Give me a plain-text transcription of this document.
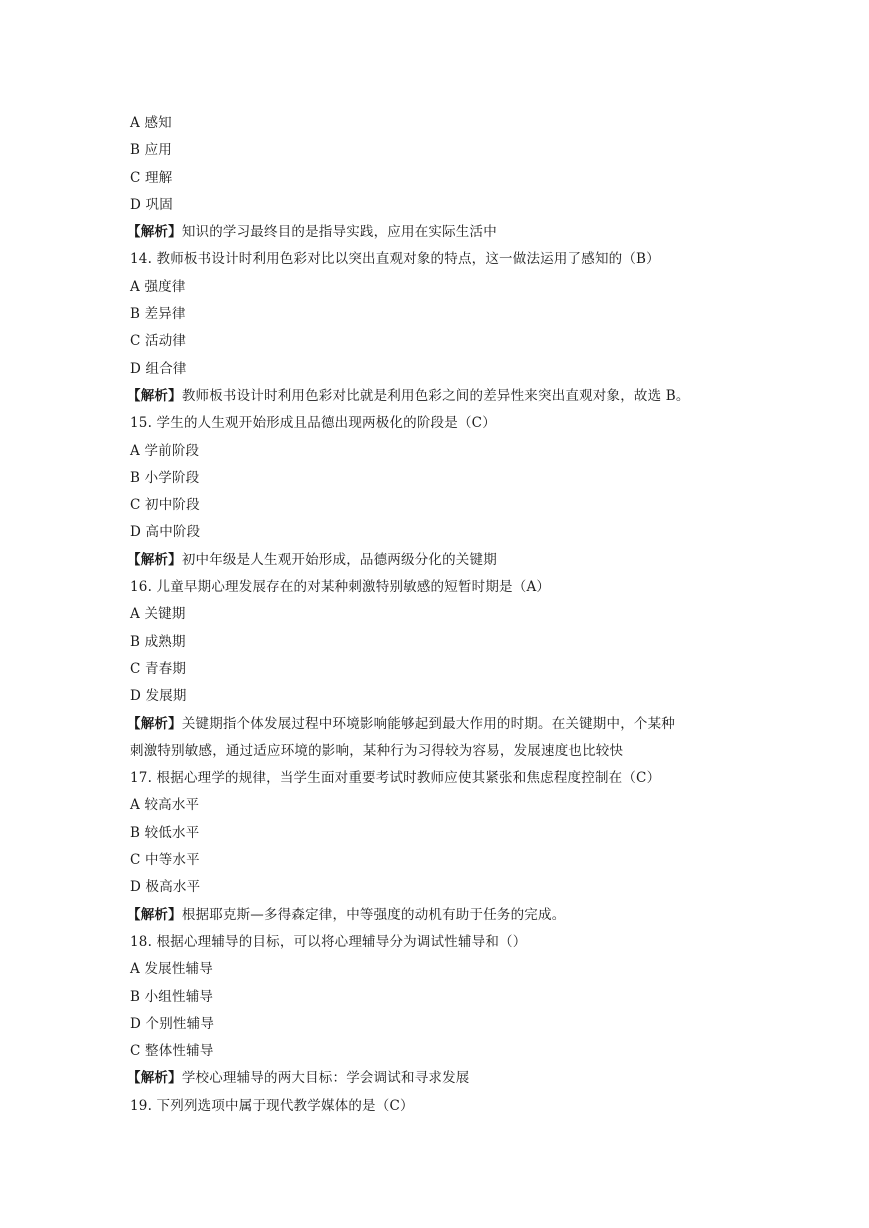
A 感知
B 应用
C 理解
D 巩固
【解析】知识的学习最终目的是指导实践，应用在实际生活中
14. 教师板书设计时利用色彩对比以突出直观对象的特点，这一做法运用了感知的（B）
A 强度律
B 差异律
C 活动律
D 组合律
【解析】教师板书设计时利用色彩对比就是利用色彩之间的差异性来突出直观对象，故选 B。
15. 学生的人生观开始形成且品德出现两极化的阶段是（C）
A 学前阶段
B 小学阶段
C 初中阶段
D 高中阶段
【解析】初中年级是人生观开始形成，品德两级分化的关键期
16. 儿童早期心理发展存在的对某种刺激特别敏感的短暂时期是（A）
A 关键期
B 成熟期
C 青春期
D 发展期
【解析】关键期指个体发展过程中环境影响能够起到最大作用的时期。在关键期中，个某种
刺激特别敏感，通过适应环境的影响，某种行为习得较为容易，发展速度也比较快
17. 根据心理学的规律，当学生面对重要考试时教师应使其紧张和焦虑程度控制在（C）
A 较高水平
B 较低水平
C 中等水平
D 极高水平
【解析】根据耶克斯—多得森定律，中等强度的动机有助于任务的完成。
18. 根据心理辅导的目标，可以将心理辅导分为调试性辅导和（）
A 发展性辅导
B 小组性辅导
D 个别性辅导
C 整体性辅导
【解析】学校心理辅导的两大目标：学会调试和寻求发展
19. 下列列选项中属于现代教学媒体的是（C）
